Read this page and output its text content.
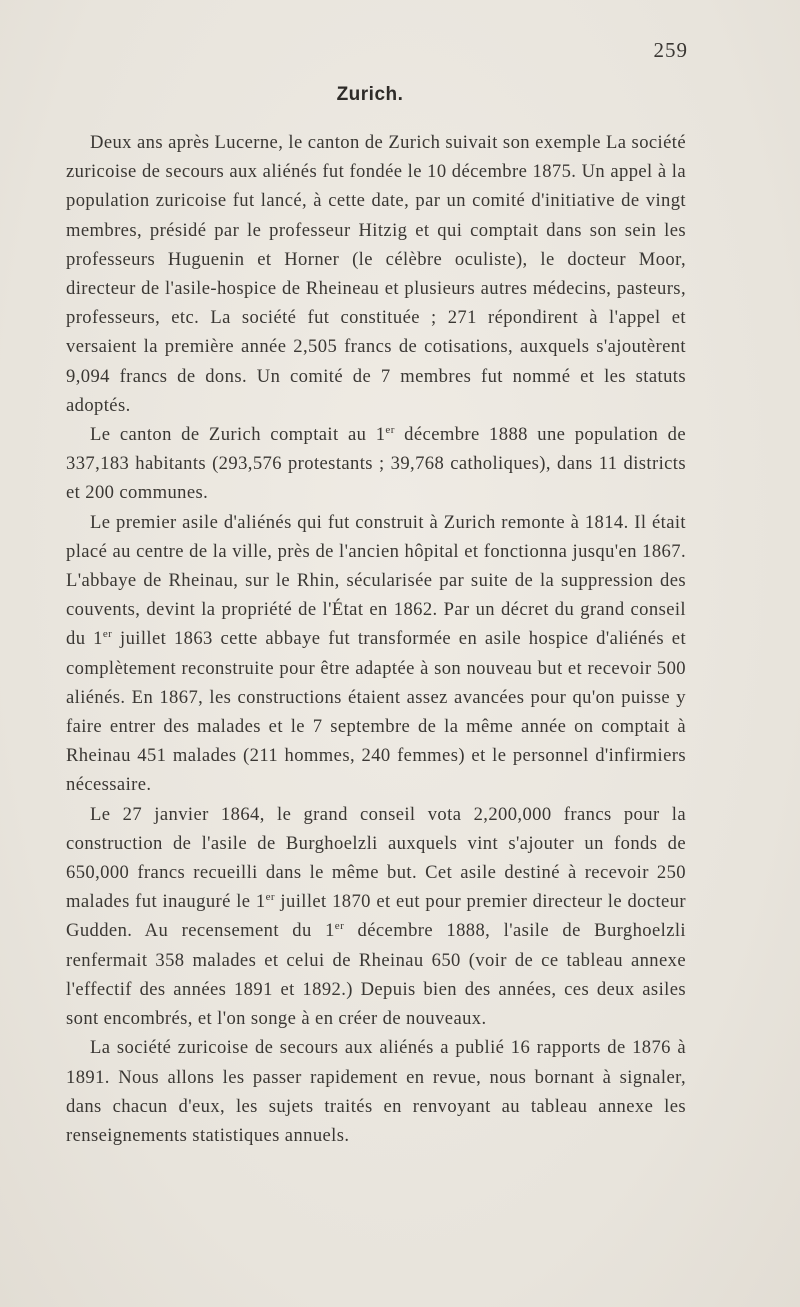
259
Zurich.

Deux ans après Lucerne, le canton de Zurich suivait son exemple La société zuricoise de secours aux aliénés fut fondée le 10 décembre 1875. Un appel à la population zuricoise fut lancé, à cette date, par un comité d'initiative de vingt membres, présidé par le professeur Hitzig et qui comptait dans son sein les professeurs Huguenin et Horner (le célèbre oculiste), le docteur Moor, directeur de l'asile-hospice de Rheineau et plusieurs autres médecins, pasteurs, professeurs, etc. La société fut constituée ; 271 répondirent à l'appel et versaient la première année 2,505 francs de cotisations, auxquels s'ajoutèrent 9,094 francs de dons. Un comité de 7 membres fut nommé et les statuts adoptés.

Le canton de Zurich comptait au 1er décembre 1888 une population de 337,183 habitants (293,576 protestants ; 39,768 catholiques), dans 11 districts et 200 communes.

Le premier asile d'aliénés qui fut construit à Zurich remonte à 1814. Il était placé au centre de la ville, près de l'ancien hôpital et fonctionna jusqu'en 1867. L'abbaye de Rheinau, sur le Rhin, sécularisée par suite de la suppression des couvents, devint la propriété de l'État en 1862. Par un décret du grand conseil du 1er juillet 1863 cette abbaye fut transformée en asile hospice d'aliénés et complètement reconstruite pour être adaptée à son nouveau but et recevoir 500 aliénés. En 1867, les constructions étaient assez avancées pour qu'on puisse y faire entrer des malades et le 7 septembre de la même année on comptait à Rheinau 451 malades (211 hommes, 240 femmes) et le personnel d'infirmiers nécessaire.

Le 27 janvier 1864, le grand conseil vota 2,200,000 francs pour la construction de l'asile de Burghoelzli auxquels vint s'ajouter un fonds de 650,000 francs recueilli dans le même but. Cet asile destiné à recevoir 250 malades fut inauguré le 1er juillet 1870 et eut pour premier directeur le docteur Gudden. Au recensement du 1er décembre 1888, l'asile de Burghoelzli renfermait 358 malades et celui de Rheinau 650 (voir de ce tableau annexe l'effectif des années 1891 et 1892.) Depuis bien des années, ces deux asiles sont encombrés, et l'on songe à en créer de nouveaux.

La société zuricoise de secours aux aliénés a publié 16 rapports de 1876 à 1891. Nous allons les passer rapidement en revue, nous bornant à signaler, dans chacun d'eux, les sujets traités en renvoyant au tableau annexe les renseignements statistiques annuels.
